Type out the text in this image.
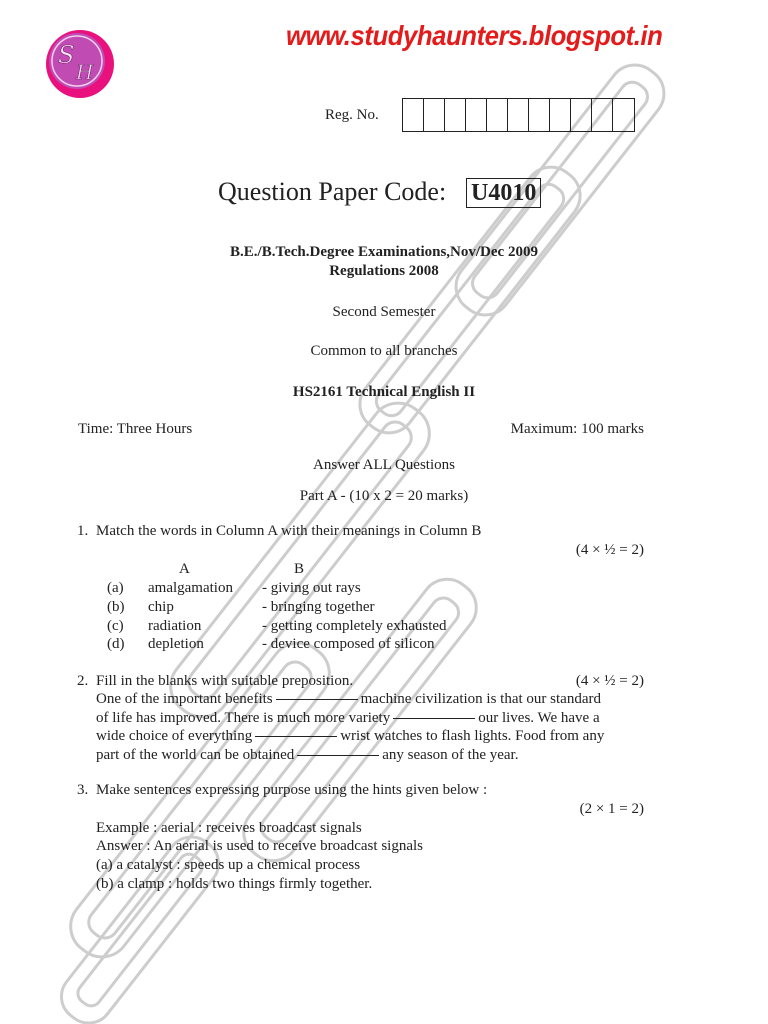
S
H
www.studyhaunters.blogspot.in
Reg. No.
Question Paper Code: U4010
B.E./B.Tech.Degree Examinations,Nov/Dec 2009
Regulations 2008
Second Semester
Common to all branches
HS2161 Technical English II
Time: Three Hours	Maximum: 100 marks
Answer ALL Questions
Part A - (10 x 2 = 20 marks)
1. Match the words in Column A with their meanings in Column B
(4 × ½ = 2)
A	B
(a) amalgamation - giving out rays
(b) chip	- bringing together
(c) radiation	- getting completely exhausted
(d) depletion	- device composed of silicon
2. Fill in the blanks with suitable preposition.	(4 × ½ = 2)
One of the important benefits	machine civilization is that our standard
of life has improved. There is much more variety	our lives. We have a
wide choice of everything	wrist watches to flash lights. Food from any
part of the world can be obtained	any season of the year.
3. Make sentences expressing purpose using the hints given below :
(2 × 1 = 2)
Example : aerial : receives broadcast signals
Answer : An aerial is used to receive broadcast signals
(a) a catalyst : speeds up a chemical process
(b) a clamp : holds two things firmly together.
